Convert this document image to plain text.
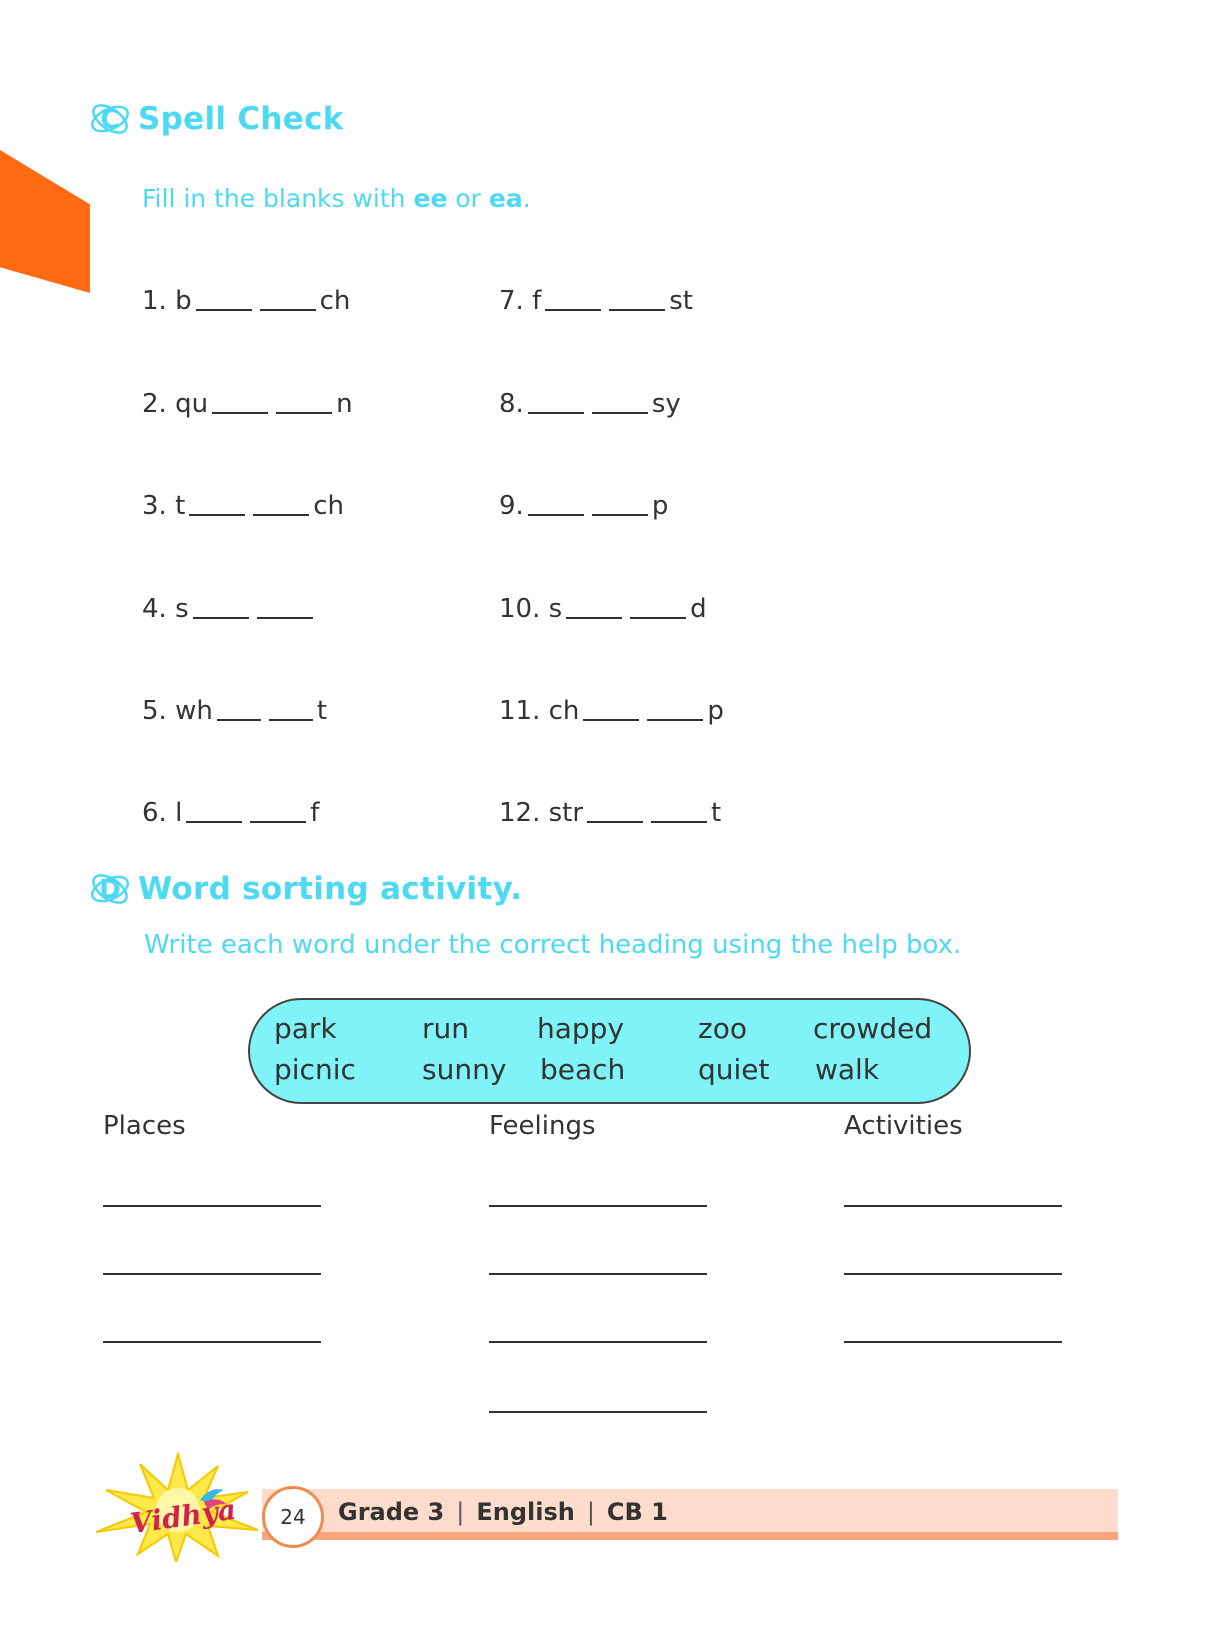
C Spell Check
Fill in the blanks with ee or ea.
1. b	ch
2. qu	n
3. t	ch
4. s
5. wh	t
6. l	f
7. f	st
8.	sy
9.	p
10. s	d
11. ch	p
12. str	t
D Word sorting activity.
Write each word under the correct heading using the help box.
park	run happy	zoo crowded
picnic sunny beach	quiet walk
Places	Feelings	Activities
Vidhya	24	Grade 3 | English | CB 1
